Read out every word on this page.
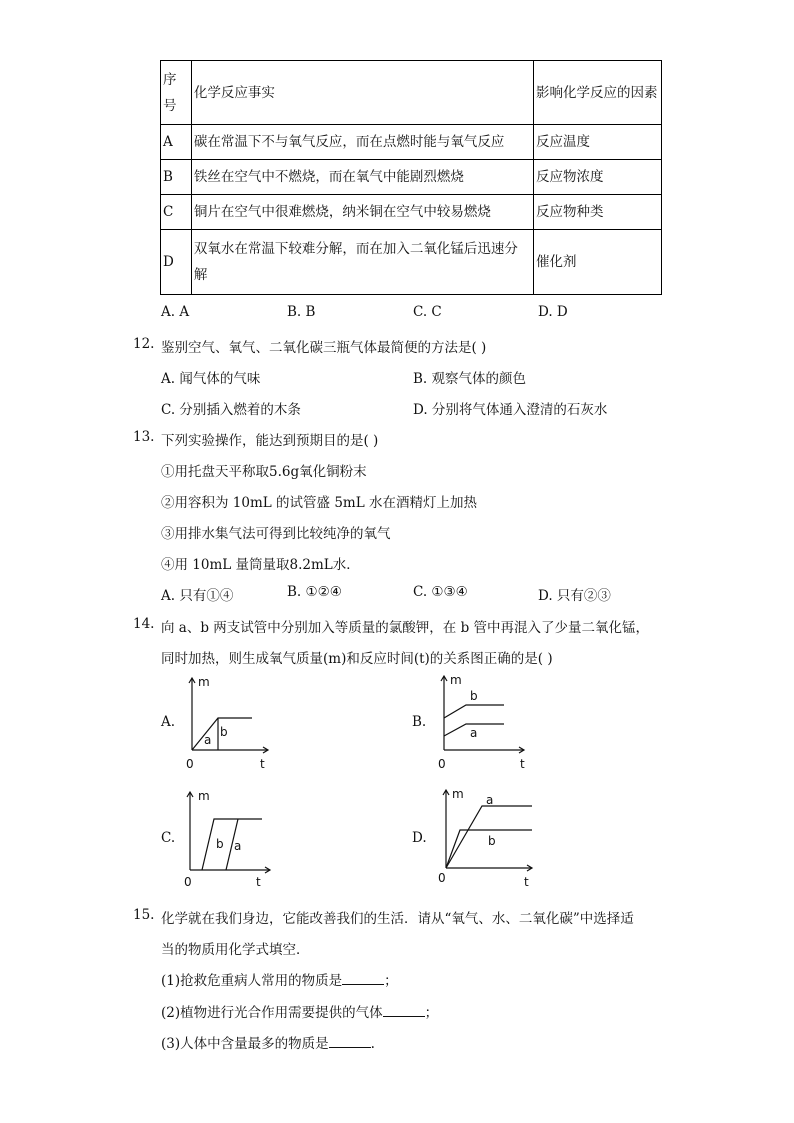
序号	化学反应事实	影响化学反应的因素
A	碳在常温下不与氧气反应，而在点燃时能与氧气反应	反应温度
B	铁丝在空气中不燃烧，而在氧气中能剧烈燃烧	反应物浓度
C	铜片在空气中很难燃烧，纳米铜在空气中较易燃烧	反应物种类
D	双氧水在常温下较难分解，而在加入二氧化锰后迅速分解	催化剂
A. A	B. B	C. C	D. D
12. 鉴别空气、氧气、二氧化碳三瓶气体最简便的方法是( )
A. 闻气体的气味	B. 观察气体的颜色
C. 分别插入燃着的木条	D. 分别将气体通入澄清的石灰水
13. 下列实验操作，能达到预期目的是( )
①用托盘天平称取5.6g氧化铜粉末
②用容积为 10mL 的试管盛 5mL 水在酒精灯上加热
③用排水集气法可得到比较纯净的氧气
④用 10mL 量筒量取8.2mL水．
A. 只有①④	B. ①②④	C. ①③④	D. 只有②③
14. 向 a、b 两支试管中分别加入等质量的氯酸钾，在 b 管中再混入了少量二氧化锰，
同时加热，则生成氧气质量(m)和反应时间(t)的关系图正确的是( )
A.
m
t
0
a
b
B.
m
t
0
b
a
C.
m
t
0
b a	D.
m
t
0
a
b
15. 化学就在我们身边，它能改善我们的生活．请从“氧气、水、二氧化碳”中选择适
当的物质用化学式填空．
(1)抢救危重病人常用的物质是	；
(2)植物进行光合作用需要提供的气体	；
(3)人体中含量最多的物质是	.
